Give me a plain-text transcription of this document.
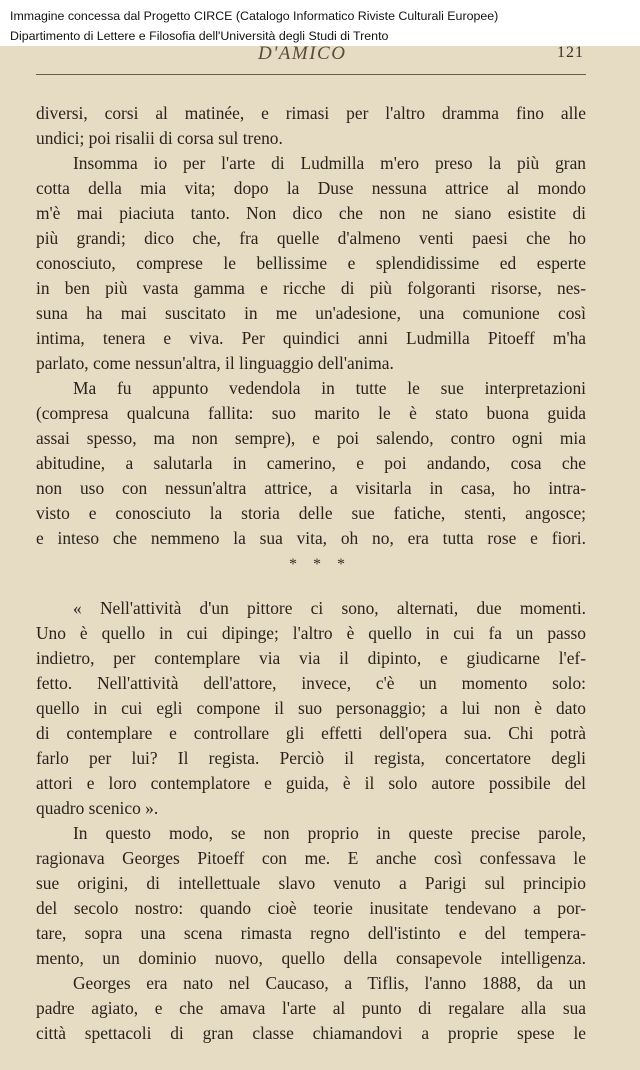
Immagine concessa dal Progetto CIRCE (Catalogo Informatico Riviste Culturali Europee)
Dipartimento di Lettere e Filosofia dell'Università degli Studi di Trento
D'AMICO	121
diversi, corsi al matinée, e rimasi per l'altro dramma fino alle
undici; poi risalii di corsa sul treno.
Insomma io per l'arte di Ludmilla m'ero preso la più gran
cotta della mia vita; dopo la Duse nessuna attrice al mondo
m'è mai piaciuta tanto. Non dico che non ne siano esistite di
più grandi; dico che, fra quelle d'almeno venti paesi che ho
conosciuto, comprese le bellissime e splendidissime ed esperte
in ben più vasta gamma e ricche di più folgoranti risorse, nes-
suna ha mai suscitato in me un'adesione, una comunione così
intima, tenera e viva. Per quindici anni Ludmilla Pitoeff m'ha
parlato, come nessun'altra, il linguaggio dell'anima.
Ma fu appunto vedendola in tutte le sue interpretazioni
(compresa qualcuna fallita: suo marito le è stato buona guida
assai spesso, ma non sempre), e poi salendo, contro ogni mia
abitudine, a salutarla in camerino, e poi andando, cosa che
non uso con nessun'altra attrice, a visitarla in casa, ho intra-
visto e conosciuto la storia delle sue fatiche, stenti, angosce;
e inteso che nemmeno la sua vita, oh no, era tutta rose e fiori.
* * *
« Nell'attività d'un pittore ci sono, alternati, due momenti.
Uno è quello in cui dipinge; l'altro è quello in cui fa un passo
indietro, per contemplare via via il dipinto, e giudicarne l'ef-
fetto. Nell'attività dell'attore, invece, c'è un momento solo:
quello in cui egli compone il suo personaggio; a lui non è dato
di contemplare e controllare gli effetti dell'opera sua. Chi potrà
farlo per lui? Il regista. Perciò il regista, concertatore degli
attori e loro contemplatore e guida, è il solo autore possibile del
quadro scenico ».
In questo modo, se non proprio in queste precise parole,
ragionava Georges Pitoeff con me. E anche così confessava le
sue origini, di intellettuale slavo venuto a Parigi sul principio
del secolo nostro: quando cioè teorie inusitate tendevano a por-
tare, sopra una scena rimasta regno dell'istinto e del tempera-
mento, un dominio nuovo, quello della consapevole intelligenza.
Georges era nato nel Caucaso, a Tiflis, l'anno 1888, da un
padre agiato, e che amava l'arte al punto di regalare alla sua
città spettacoli di gran classe chiamandovi a proprie spese le
